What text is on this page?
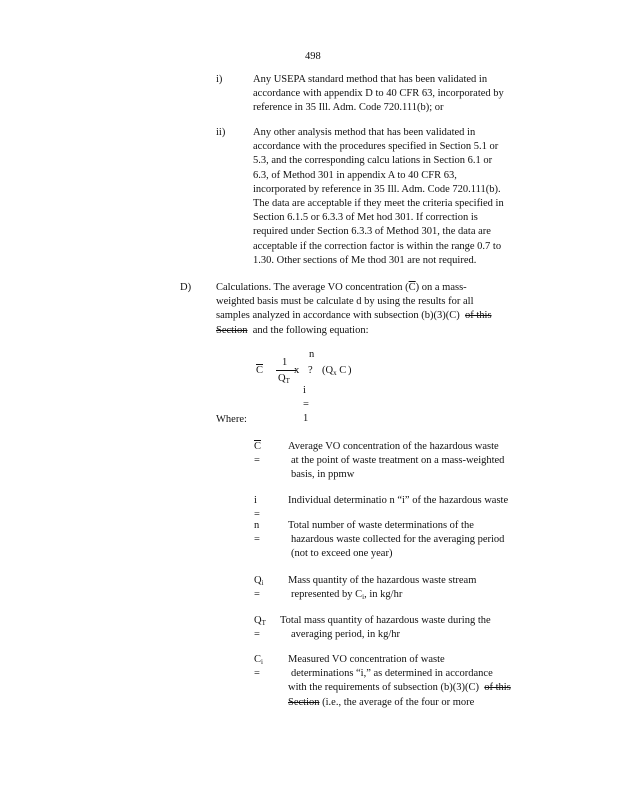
498
i)	Any USEPA standard method that has been validated in
accordance with appendix D to 40 CFR 63, incorporated by
reference in 35 Ill. Adm. Code 720.111(b); or
ii)	Any other analysis method that has been validated in
accordance with the procedures specified in Section 5.1 or
5.3, and the corresponding calcu lations in Section 6.1 or
6.3, of Method 301 in appendix A to 40 CFR 63,
incorporated by reference in 35 Ill. Adm. Code 720.111(b).
The data are acceptable if they meet the criteria specified in
Section 6.1.5 or 6.3.3 of Met hod 301. If correction is
required under Section 6.3.3 of Method 301, the data are
acceptable if the correction factor is within the range 0.7 to
1.30. Other sections of Me thod 301 are not required.
D) Calculations. The average VO concentration $(\overline{C})$ on a mass-
weighted basis must be calculate d by using the results for all
samples analyzed in accordance with subsection (b)(3)(C) of this
Section and the following equation:
n
$\overline{C}$
1
QT
x ? (Qx C )
i = 1
Where:
$\overline{C}$ =
Average VO concentration of the hazardous waste
at the point of waste treatment on a mass-weighted
basis, in ppmw
i =
Individual determinatio n “i” of the hazardous waste
n =
Total number of waste determinations of the
hazardous waste collected for the averaging period
(not to exceed one year)
Qi =
Mass quantity of the hazardous waste stream
represented by Ci, in kg/hr
QT =
Total mass quantity of hazardous waste during the
averaging period, in kg/hr
Ci =
Measured VO concentration of waste
determinations “i,” as determined in accordance
with the requirements of subsection (b)(3)(C) of this
Section (i.e., the average of the four or more
